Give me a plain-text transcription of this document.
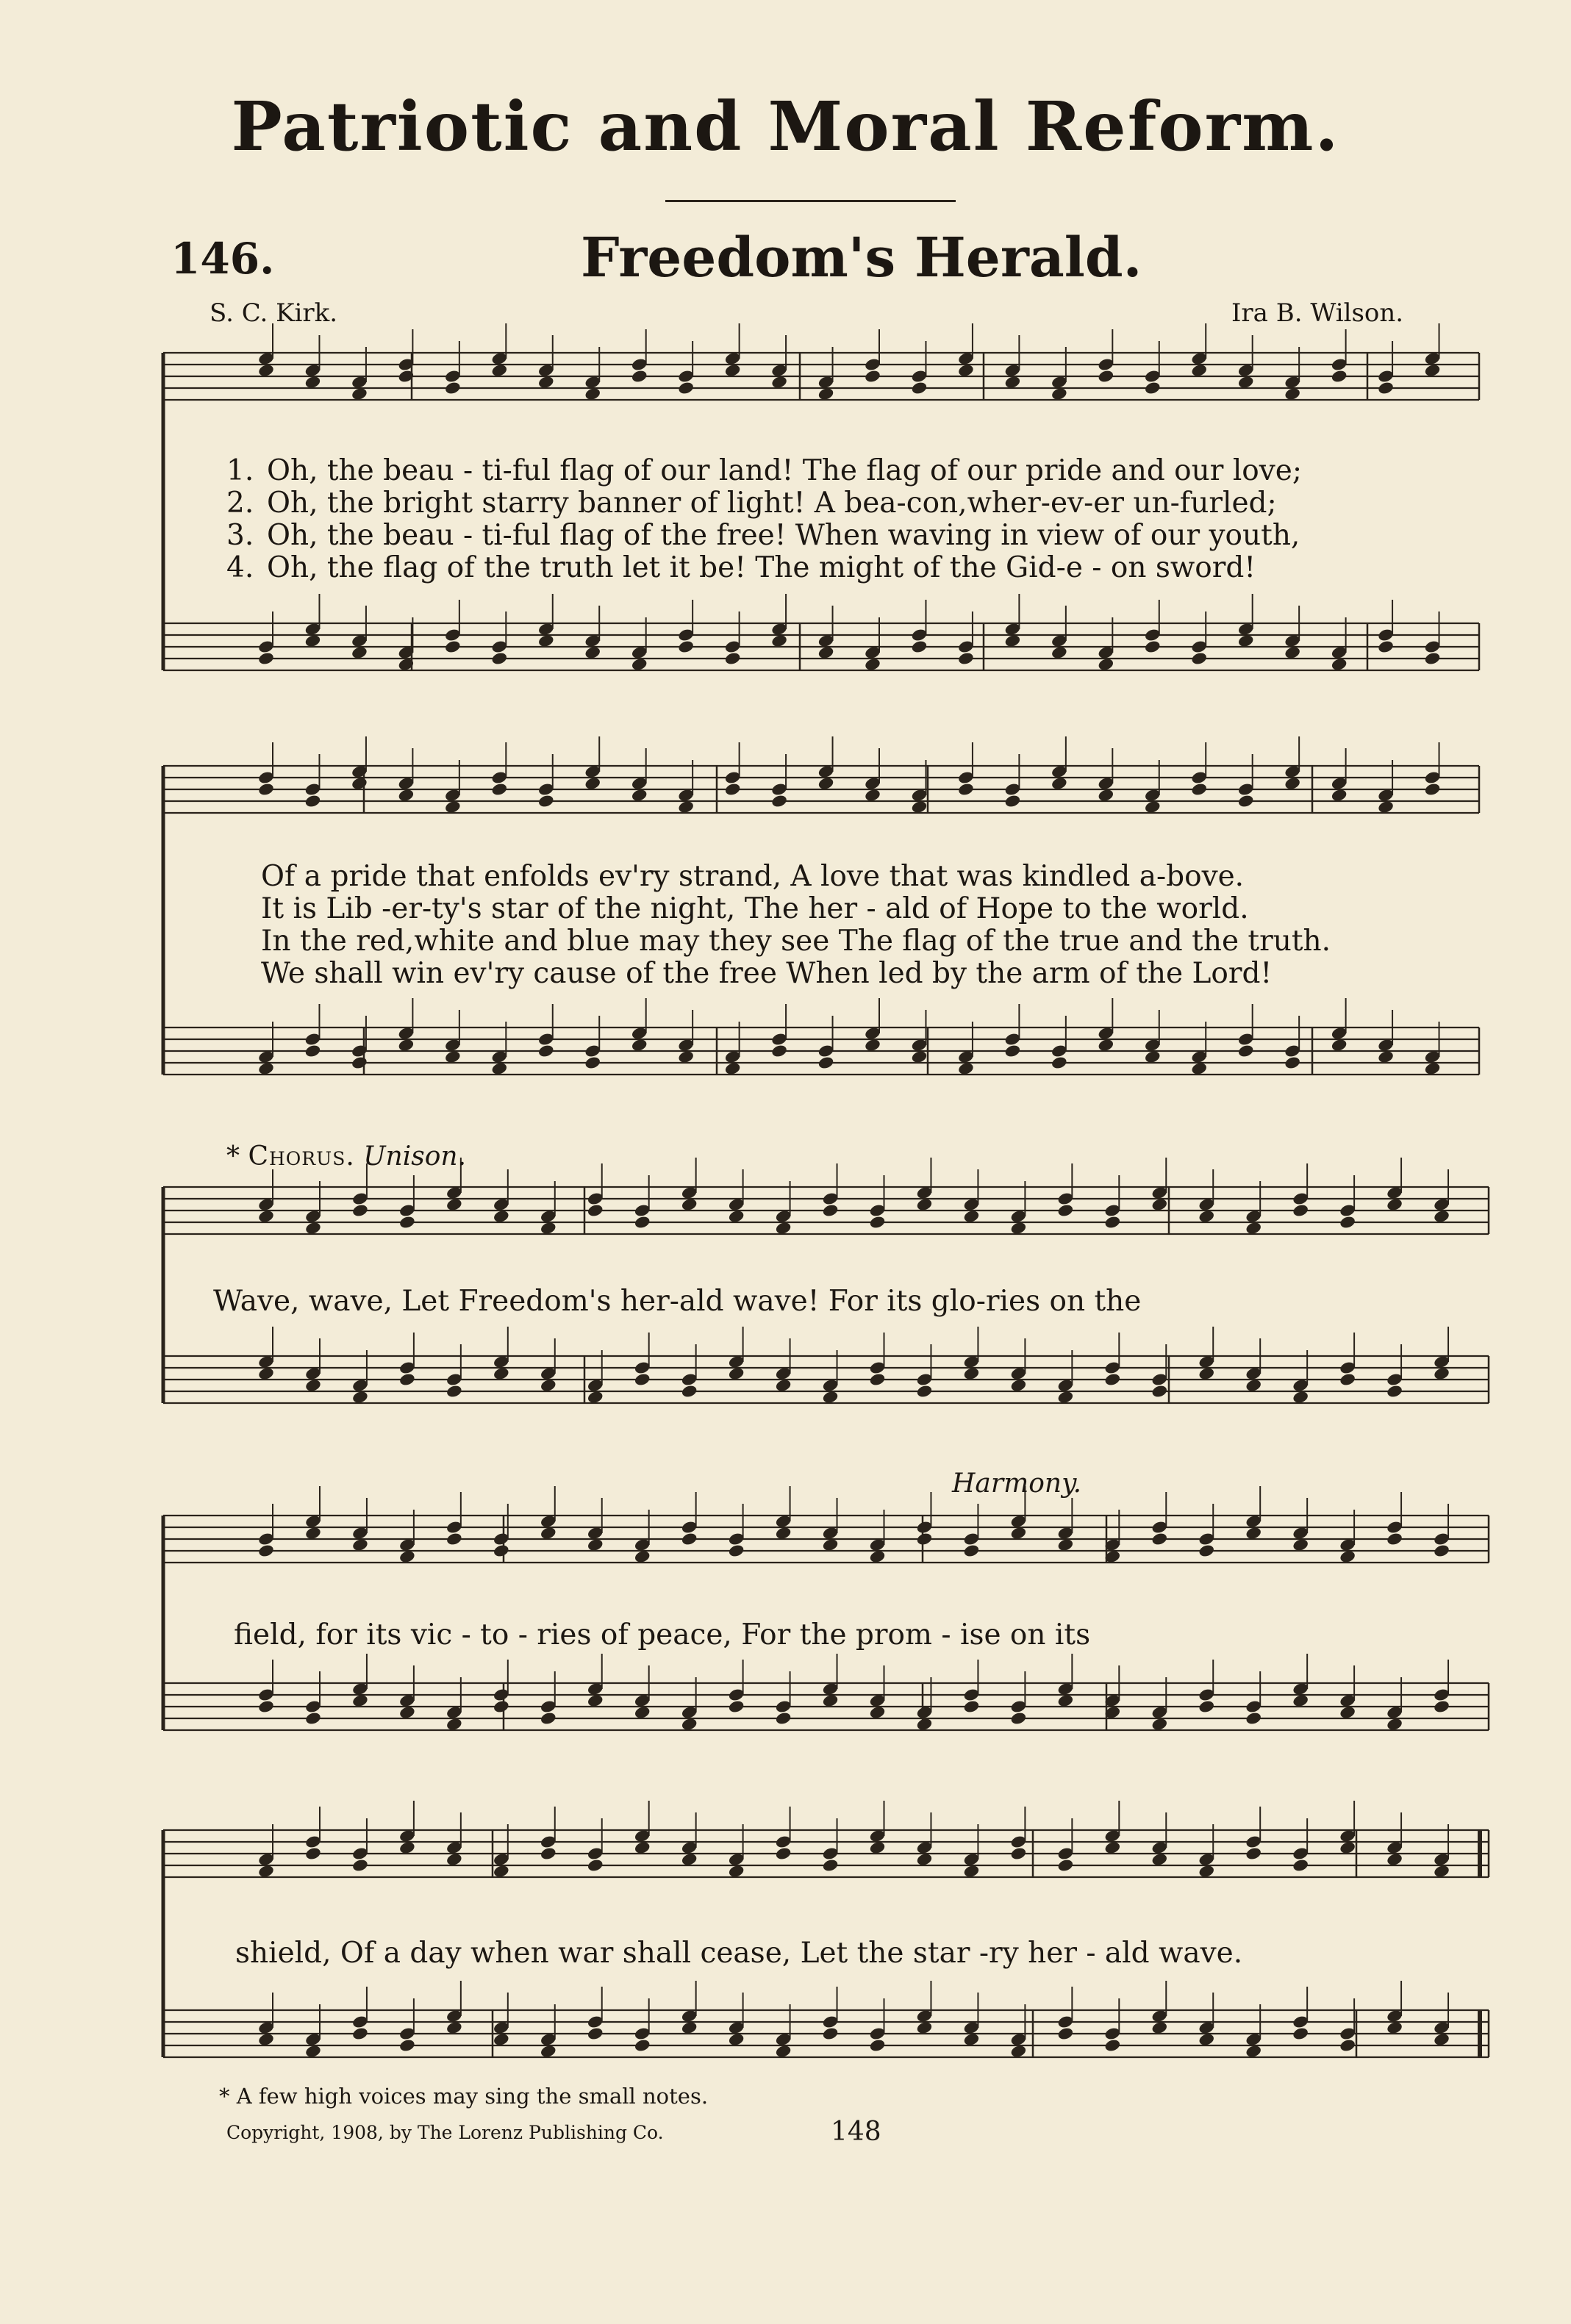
Patriotic and Moral Reform.
146.	Freedom's Herald.
S. C. Kirk.	Ira B. Wilson.
1. Oh, the beau - ti-ful flag of our land! The flag of our pride and our love;
2. Oh, the bright starry banner of light! A bea-con,wher-ev-er un-furled;
3. Oh, the beau - ti-ful flag of the free! When waving in view of our youth,
4. Oh, the flag of the truth let it be! The might of the Gid-e - on sword!
Of a pride that enfolds ev'ry strand, A love that was kindled a-bove.
It is Lib -er-ty's star of the night, The her - ald of Hope to the world.
In the red,white and blue may they see The flag of the true and the truth.
We shall win ev'ry cause of the free When led by the arm of the Lord!
* Chorus. Unison.
Wave, wave, Let Freedom's her-ald wave! For its glo-ries on the
Harmony.
field, for its vic - to - ries of peace, For the prom - ise on its
shield, Of a day when war shall cease, Let the star -ry her - ald wave.
* A few high voices may sing the small notes.
Copyright, 1908, by The Lorenz Publishing Co.	148
